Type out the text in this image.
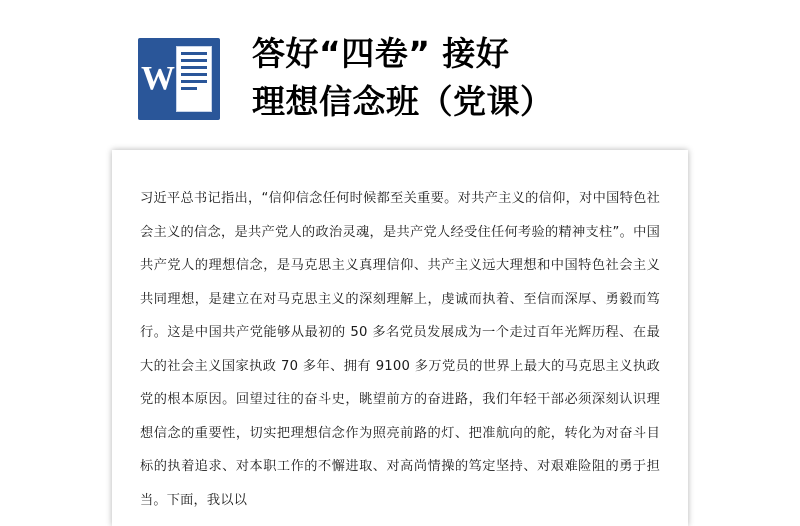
W
答好“四卷” 接好
理想信念班（党课）

习近平总书记指出，“信仰信念任何时候都至关重要。对共产主义的信仰，对中国特色社会主义的信念，是共产党人的政治灵魂，是共产党人经受住任何考验的精神支柱”。中国共产党人的理想信念，是马克思主义真理信仰、共产主义远大理想和中国特色社会主义共同理想，是建立在对马克思主义的深刻理解上，虔诚而执着、至信而深厚、勇毅而笃行。这是中国共产党能够从最初的 50 多名党员发展成为一个走过百年光辉历程、在最大的社会主义国家执政 70 多年、拥有 9100 多万党员的世界上最大的马克思主义执政党的根本原因。回望过往的奋斗史，眺望前方的奋进路，我们年轻干部必须深刻认识理想信念的重要性，切实把理想信念作为照亮前路的灯、把准航向的舵，转化为对奋斗目标的执着追求、对本职工作的不懈进取、对高尚情操的笃定坚持、对艰难险阻的勇于担当。下面，我以以
